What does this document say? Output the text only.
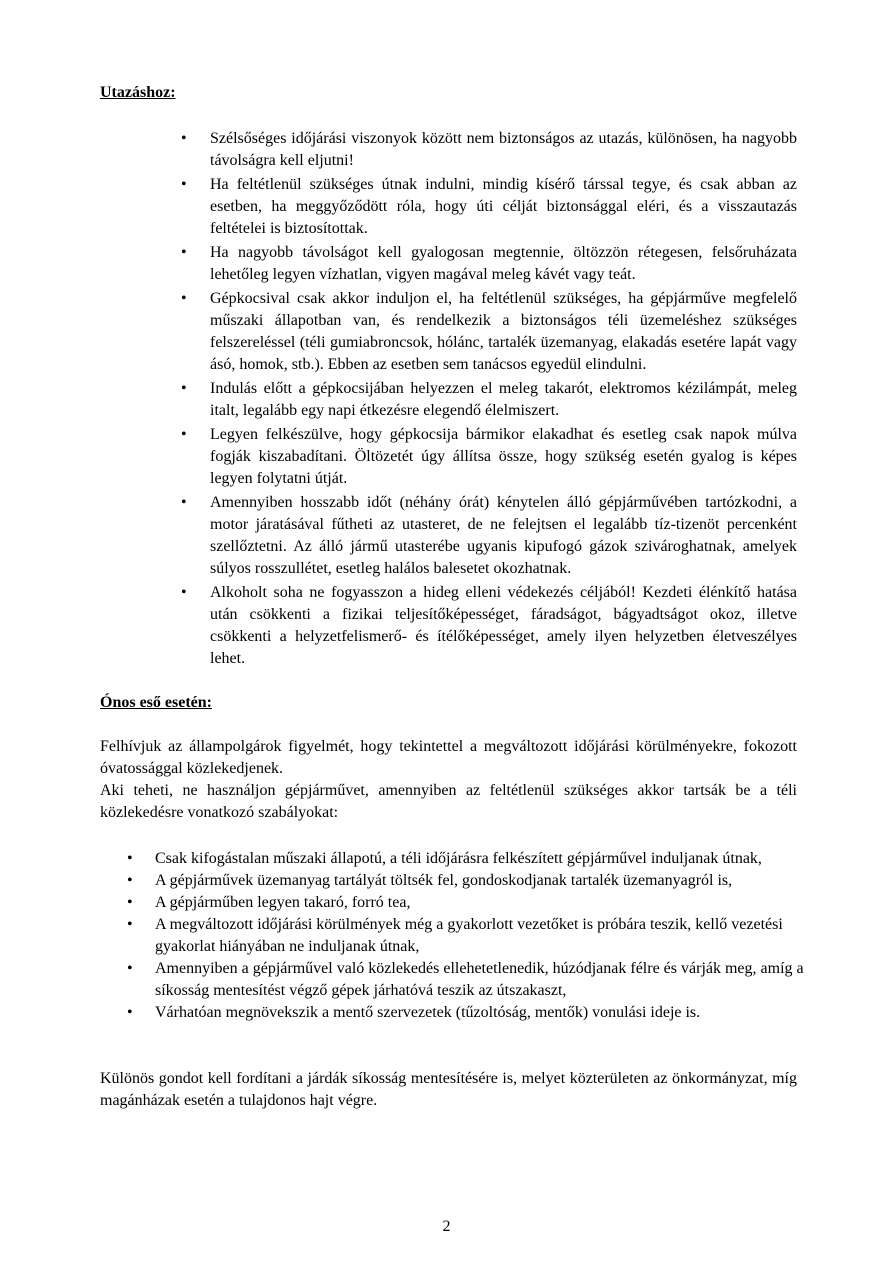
Utazáshoz:

• Szélsőséges időjárási viszonyok között nem biztonságos az utazás, különösen, ha nagyobb távolságra kell eljutni!
• Ha feltétlenül szükséges útnak indulni, mindig kísérő társsal tegye, és csak abban az esetben, ha meggyőződött róla, hogy úti célját biztonsággal eléri, és a visszautazás feltételei is biztosítottak.
• Ha nagyobb távolságot kell gyalogosan megtennie, öltözzön rétegesen, felsőruházata lehetőleg legyen vízhatlan, vigyen magával meleg kávét vagy teát.
• Gépkocsival csak akkor induljon el, ha feltétlenül szükséges, ha gépjárműve megfelelő műszaki állapotban van, és rendelkezik a biztonságos téli üzemeléshez szükséges felszereléssel (téli gumiabroncsok, hólánc, tartalék üzemanyag, elakadás esetére lapát vagy ásó, homok, stb.). Ebben az esetben sem tanácsos egyedül elindulni.
• Indulás előtt a gépkocsijában helyezzen el meleg takarót, elektromos kézilámpát, meleg italt, legalább egy napi étkezésre elegendő élelmiszert.
• Legyen felkészülve, hogy gépkocsija bármikor elakadhat és esetleg csak napok múlva fogják kiszabadítani. Öltözetét úgy állítsa össze, hogy szükség esetén gyalog is képes legyen folytatni útját.
• Amennyiben hosszabb időt (néhány órát) kénytelen álló gépjárművében tartózkodni, a motor járatásával fűtheti az utasteret, de ne felejtsen el legalább tíz-tizenöt percenként szellőztetni. Az álló jármű utasterébe ugyanis kipufogó gázok szivároghatnak, amelyek súlyos rosszullétet, esetleg halálos balesetet okozhatnak.
• Alkoholt soha ne fogyasszon a hideg elleni védekezés céljából! Kezdeti élénkítő hatása után csökkenti a fizikai teljesítőképességet, fáradságot, bágyadtságot okoz, illetve csökkenti a helyzetfelismerő- és ítélőképességet, amely ilyen helyzetben életveszélyes lehet.

Ónos eső esetén:

Felhívjuk az állampolgárok figyelmét, hogy tekintettel a megváltozott időjárási körülményekre, fokozott óvatossággal közlekedjenek.

Aki teheti, ne használjon gépjárművet, amennyiben az feltétlenül szükséges akkor tartsák be a téli közlekedésre vonatkozó szabályokat:

• Csak kifogástalan műszaki állapotú, a téli időjárásra felkészített gépjárművel induljanak útnak,
• A gépjárművek üzemanyag tartályát töltsék fel, gondoskodjanak tartalék üzemanyagról is,
• A gépjárműben legyen takaró, forró tea,
• A megváltozott időjárási körülmények még a gyakorlott vezetőket is próbára teszik, kellő vezetési gyakorlat hiányában ne induljanak útnak,
• Amennyiben a gépjárművel való közlekedés ellehetetlenedik, húzódjanak félre és várják meg, amíg a síkosság mentesítést végző gépek járhatóvá teszik az útszakaszt,
• Várhatóan megnövekszik a mentő szervezetek (tűzoltóság, mentők) vonulási ideje is.

Különös gondot kell fordítani a járdák síkosság mentesítésére is, melyet közterületen az önkormányzat, míg magánházak esetén a tulajdonos hajt végre.

2
